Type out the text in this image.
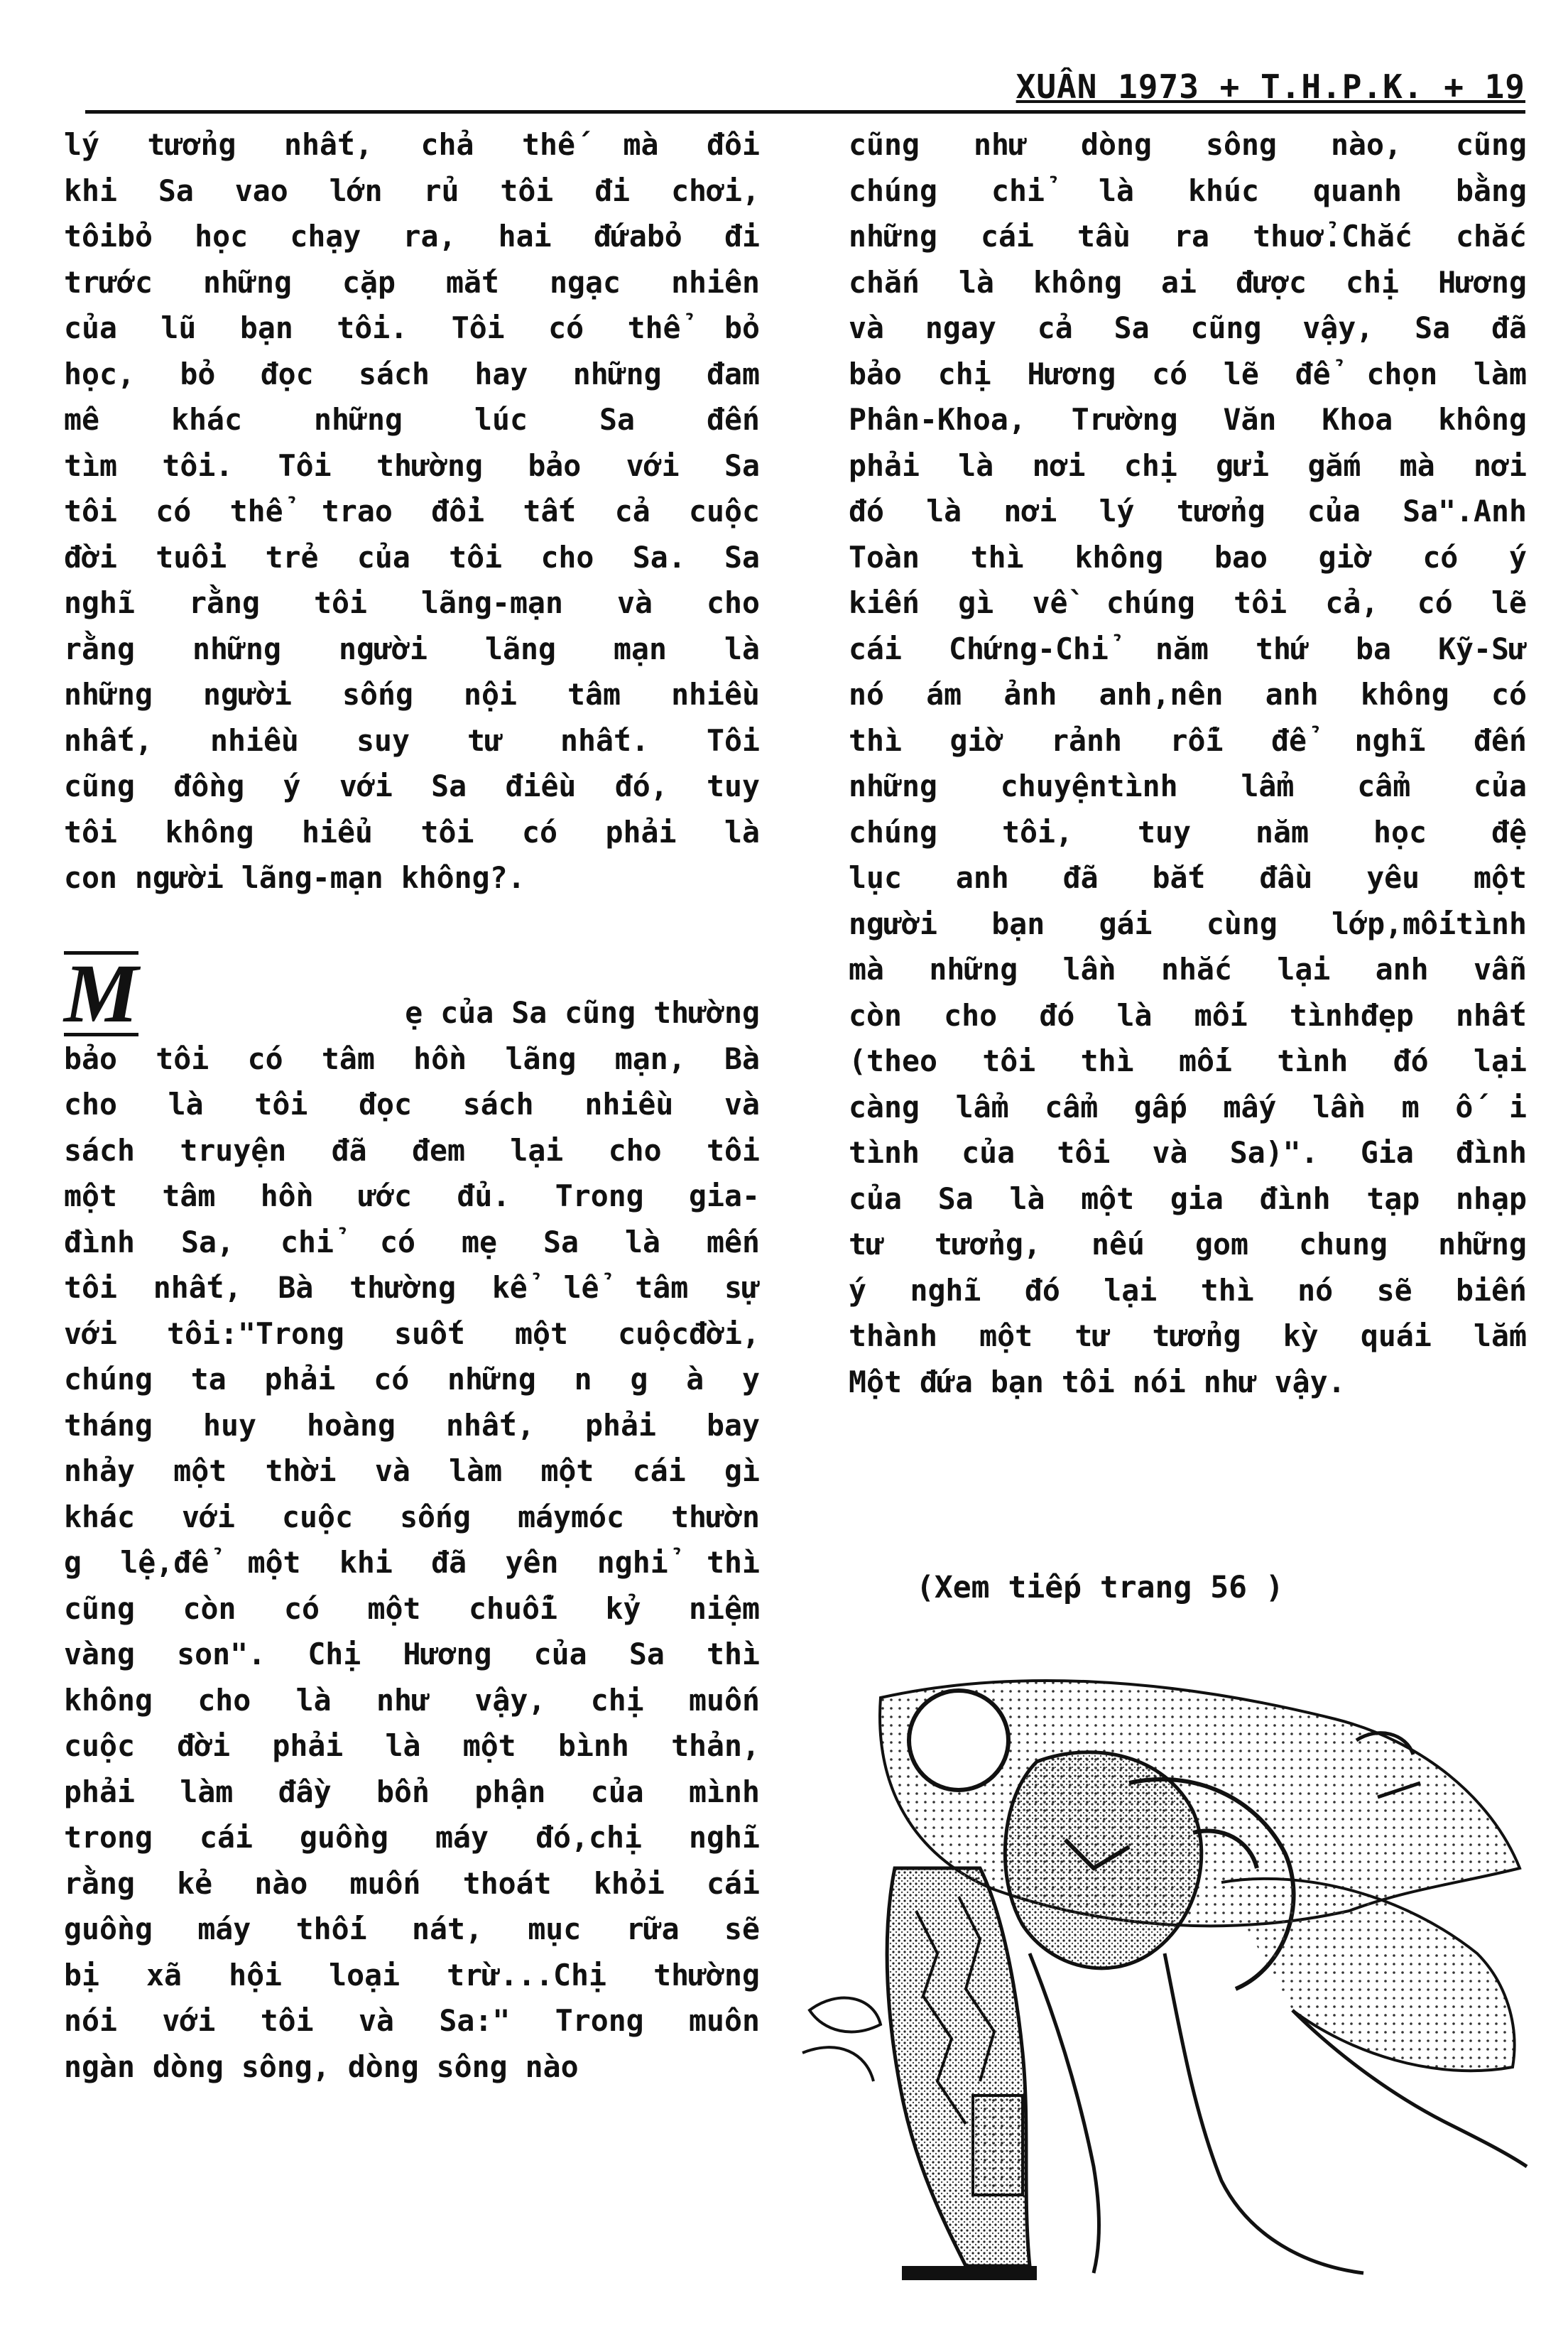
XUÂN 1973 + T.H.P.K. + 19
lý tưởng nhất, chả thế mà đôi
khi Sa vao lớn rủ tôi đi chơi,
tôibỏ học chạy ra, hai đứabỏ đi
trước những cặp mắt ngạc nhiên
của lũ bạn tôi. Tôi có thể bỏ
học, bỏ đọc sách hay những đam
mê khác những lúc Sa đến
tìm tôi. Tôi thường bảo với Sa
tôi có thể trao đổi tất cả cuộc
đời tuổi trẻ của tôi cho Sa. Sa
nghĩ rằng tôi lãng-mạn và cho
rằng những người lãng mạn là
những người sống nội tâm nhiều
nhất, nhiều suy tư nhất. Tôi
cũng đồng ý với Sa điều đó, tuy
tôi không hiểu tôi có phải là
con người lãng-mạn không?.
M	ẹ của Sa cũng thường
bảo tôi có tâm hồn lãng mạn, Bà
cho là tôi đọc sách nhiều và
sách truyện đã đem lại cho tôi
một tâm hồn ước đủ. Trong gia-
đình Sa, chỉ có mẹ Sa là mến
tôi nhất, Bà thường kể lể tâm sự
với tôi:"Trong suốt một cuộcđời,
chúng ta phải có những n g à y
tháng huy hoàng nhất, phải bay
nhảy một thời và làm một cái gì
khác với cuộc sống máymóc thườn
g lệ,để một khi đã yên nghỉ thì
cũng còn có một chuỗi kỷ niệm
vàng son". Chị Hương của Sa thì
không cho là như vậy, chị muốn
cuộc đời phải là một bình thản,
phải làm đầy bổn phận của mình
trong cái guồng máy đó,chị nghĩ
rằng kẻ nào muốn thoát khỏi cái
guồng máy thối nát, mục rữa sẽ
bị xã hội loại trừ...Chị thường
nói với tôi và Sa:" Trong muôn
ngàn dòng sông, dòng sông nào
cũng như dòng sông nào, cũng
chúng chỉ là khúc quanh bằng
những cái tầu ra thuở.Chắc chắc
chắn là không ai được chị Hương
và ngay cả Sa cũng vậy, Sa đã
bảo chị Hương có lẽ để chọn làm
Phân-Khoa, Trường Văn Khoa không
phải là nơi chị gửi gắm mà nơi
đó là nơi lý tưởng của Sa".Anh
Toàn thì không bao giờ có ý
kiến gì về chúng tôi cả, có lẽ
cái Chứng-Chỉ năm thứ ba Kỹ-Sư
nó ám ảnh anh,nên anh không có
thì giờ rảnh rỗi để nghĩ đến
những chuyệntình lẩm cẩm của
chúng tôi, tuy năm học đệ
lục anh đã bắt đầu yêu một
người bạn gái cùng lớp,mốitình
mà những lần nhắc lại anh vẫn
còn cho đó là mối tìnhđẹp nhất
(theo tôi thì mối tình đó lại
càng lẩm cẩm gấp mấy lần m ố i
tình của tôi và Sa)". Gia đình
của Sa là một gia đình tạp nhạp
tư tưởng, nếu gom chung những
ý nghĩ đó lại thì nó sẽ biến
thành một tư tưởng kỳ quái lắm
Một đứa bạn tôi nói như vậy.
(Xem tiếp trang 56 )
